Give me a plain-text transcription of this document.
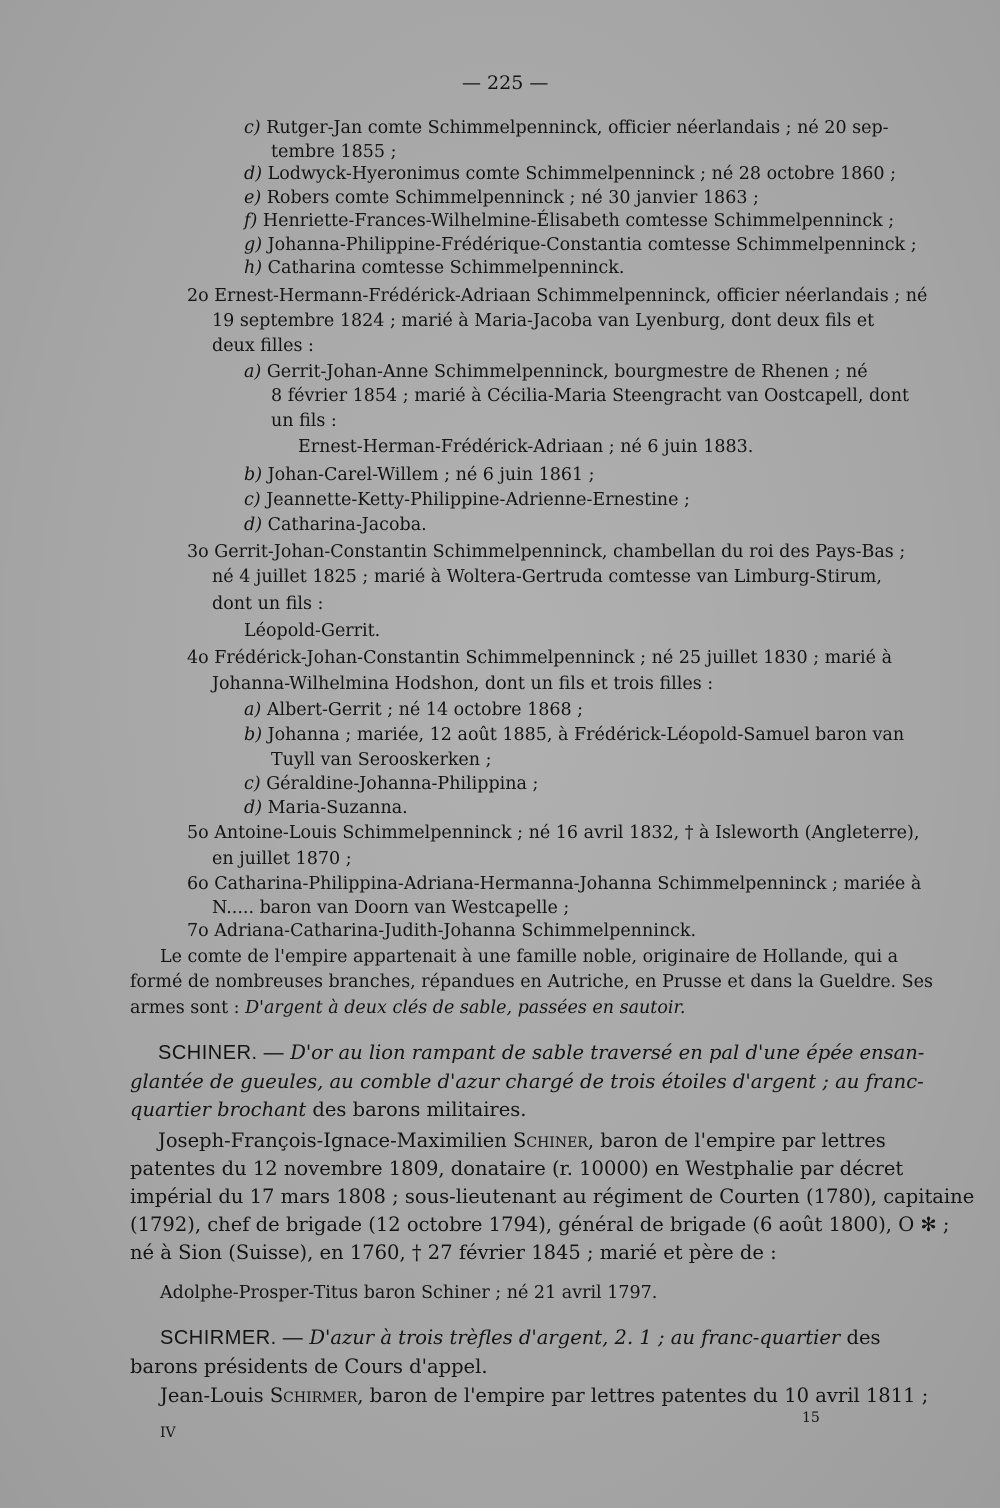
— 225 —
c) Rutger-Jan comte Schimmelpenninck, officier néerlandais ; né 20 sep-
tembre 1855 ;
d) Lodwyck-Hyeronimus comte Schimmelpenninck ; né 28 octobre 1860 ;
e) Robers comte Schimmelpenninck ; né 30 janvier 1863 ;
f) Henriette-Frances-Wilhelmine-Élisabeth comtesse Schimmelpenninck ;
g) Johanna-Philippine-Frédérique-Constantia comtesse Schimmelpenninck ;
h) Catharina comtesse Schimmelpenninck.
2o Ernest-Hermann-Frédérick-Adriaan Schimmelpenninck, officier néerlandais ; né
19 septembre 1824 ; marié à Maria-Jacoba van Lyenburg, dont deux fils et
deux filles :
a) Gerrit-Johan-Anne Schimmelpenninck, bourgmestre de Rhenen ; né
8 février 1854 ; marié à Cécilia-Maria Steengracht van Oostcapell, dont
un fils :
Ernest-Herman-Frédérick-Adriaan ; né 6 juin 1883.
b) Johan-Carel-Willem ; né 6 juin 1861 ;
c) Jeannette-Ketty-Philippine-Adrienne-Ernestine ;
d) Catharina-Jacoba.
3o Gerrit-Johan-Constantin Schimmelpenninck, chambellan du roi des Pays-Bas ;
né 4 juillet 1825 ; marié à Woltera-Gertruda comtesse van Limburg-Stirum,
dont un fils :
Léopold-Gerrit.
4o Frédérick-Johan-Constantin Schimmelpenninck ; né 25 juillet 1830 ; marié à
Johanna-Wilhelmina Hodshon, dont un fils et trois filles :
a) Albert-Gerrit ; né 14 octobre 1868 ;
b) Johanna ; mariée, 12 août 1885, à Frédérick-Léopold-Samuel baron van
Tuyll van Serooskerken ;
c) Géraldine-Johanna-Philippina ;
d) Maria-Suzanna.
5o Antoine-Louis Schimmelpenninck ; né 16 avril 1832, † à Isleworth (Angleterre),
en juillet 1870 ;
6o Catharina-Philippina-Adriana-Hermanna-Johanna Schimmelpenninck ; mariée à
N..... baron van Doorn van Westcapelle ;
7o Adriana-Catharina-Judith-Johanna Schimmelpenninck.
Le comte de l'empire appartenait à une famille noble, originaire de Hollande, qui a
formé de nombreuses branches, répandues en Autriche, en Prusse et dans la Gueldre. Ses
armes sont : D'argent à deux clés de sable, passées en sautoir.
SCHINER. — D'or au lion rampant de sable traversé en pal d'une épée ensan-
glantée de gueules, au comble d'azur chargé de trois étoiles d'argent ; au franc-
quartier brochant des barons militaires.
Joseph-François-Ignace-Maximilien Schiner, baron de l'empire par lettres
patentes du 12 novembre 1809, donataire (r. 10000) en Westphalie par décret
impérial du 17 mars 1808 ; sous-lieutenant au régiment de Courten (1780), capitaine
(1792), chef de brigade (12 octobre 1794), général de brigade (6 août 1800), O ✻ ;
né à Sion (Suisse), en 1760, † 27 février 1845 ; marié et père de :
Adolphe-Prosper-Titus baron Schiner ; né 21 avril 1797.
SCHIRMER. — D'azur à trois trèfles d'argent, 2. 1 ; au franc-quartier des
barons présidents de Cours d'appel.
Jean-Louis Schirmer, baron de l'empire par lettres patentes du 10 avril 1811 ;
15
IV
